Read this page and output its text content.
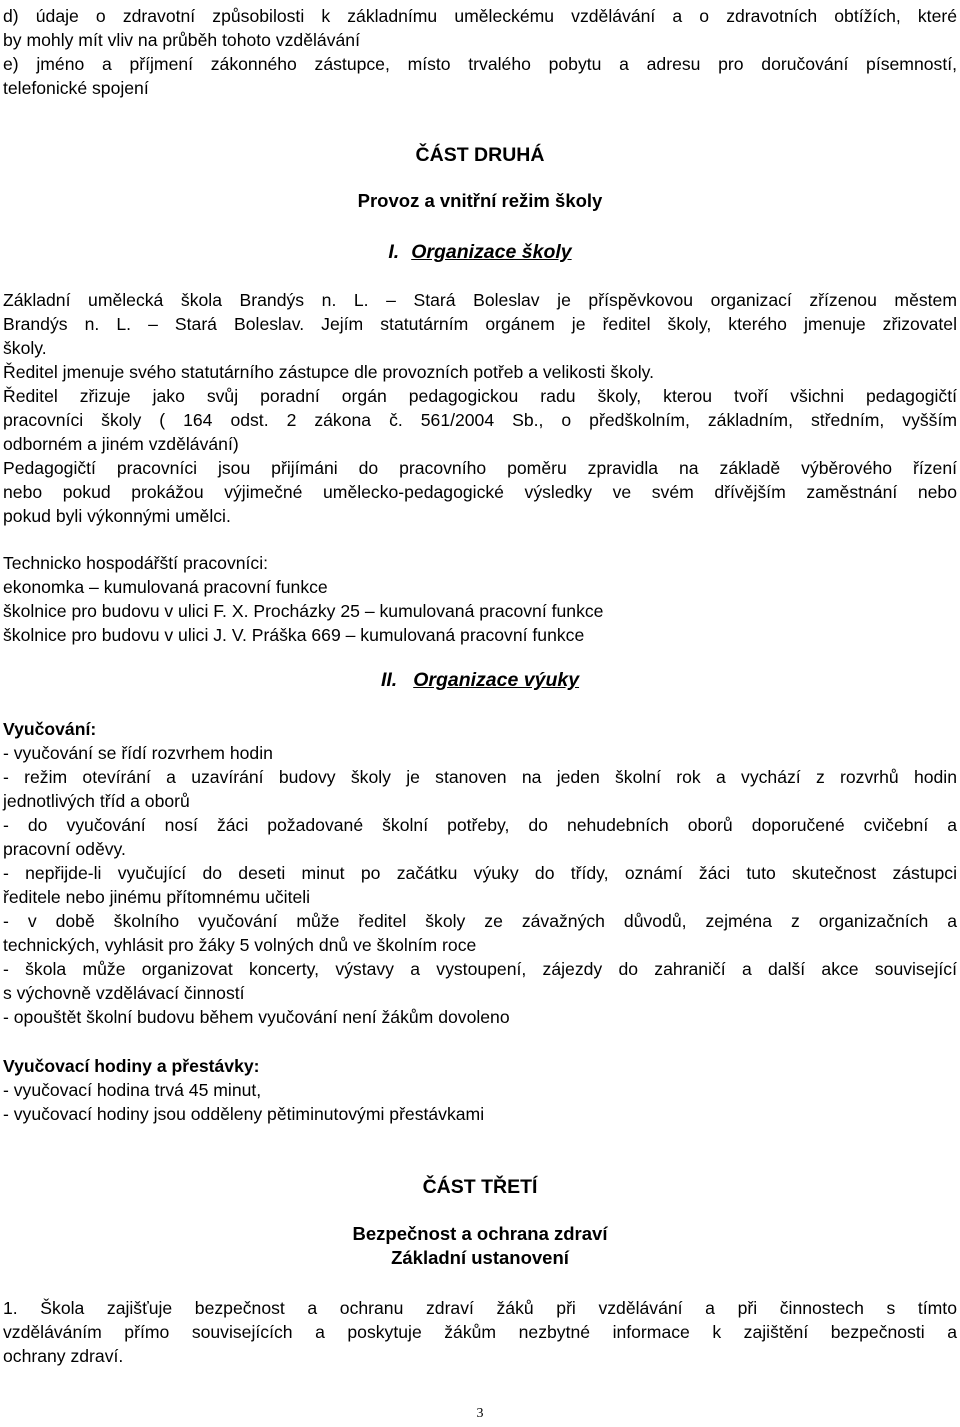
d) údaje o zdravotní způsobilosti k základnímu uměleckému vzdělávání a o zdravotních obtížích, které
by mohly mít vliv na průběh tohoto vzdělávání
e) jméno a příjmení zákonného zástupce, místo trvalého pobytu a adresu pro doručování písemností,
telefonické spojení
ČÁST DRUHÁ
Provoz a vnitřní režim školy
I. Organizace školy
Základní umělecká škola Brandýs n. L. – Stará Boleslav je příspěvkovou organizací zřízenou městem
Brandýs n. L. – Stará Boleslav. Jejím statutárním orgánem je ředitel školy, kterého jmenuje zřizovatel
školy.
Ředitel jmenuje svého statutárního zástupce dle provozních potřeb a velikosti školy.
Ředitel zřizuje jako svůj poradní orgán pedagogickou radu školy, kterou tvoří všichni pedagogičtí
pracovníci školy ( 164 odst. 2 zákona č. 561/2004 Sb., o předškolním, základním, středním, vyšším
odborném a jiném vzdělávání)
Pedagogičtí pracovníci jsou přijímáni do pracovního poměru zpravidla na základě výběrového řízení
nebo pokud prokážou výjimečné umělecko-pedagogické výsledky ve svém dřívějším zaměstnání nebo
pokud byli výkonnými umělci.
Technicko hospodářští pracovníci:
ekonomka – kumulovaná pracovní funkce
školnice pro budovu v ulici F. X. Procházky 25 – kumulovaná pracovní funkce
školnice pro budovu v ulici J. V. Práška 669 – kumulovaná pracovní funkce
II. Organizace výuky
Vyučování:
- vyučování se řídí rozvrhem hodin
- režim otevírání a uzavírání budovy školy je stanoven na jeden školní rok a vychází z rozvrhů hodin
jednotlivých tříd a oborů
- do vyučování nosí žáci požadované školní potřeby, do nehudebních oborů doporučené cvičební a
pracovní oděvy.
- nepřijde-li vyučující do deseti minut po začátku výuky do třídy, oznámí žáci tuto skutečnost zástupci
ředitele nebo jinému přítomnému učiteli
- v době školního vyučování může ředitel školy ze závažných důvodů, zejména z organizačních a
technických, vyhlásit pro žáky 5 volných dnů ve školním roce
- škola může organizovat koncerty, výstavy a vystoupení, zájezdy do zahraničí a další akce související
s výchovně vzdělávací činností
- opouštět školní budovu během vyučování není žákům dovoleno
Vyučovací hodiny a přestávky:
- vyučovací hodina trvá 45 minut,
- vyučovací hodiny jsou odděleny pětiminutovými přestávkami
ČÁST TŘETÍ
Bezpečnost a ochrana zdraví
Základní ustanovení
1. Škola zajišťuje bezpečnost a ochranu zdraví žáků při vzdělávání a při činnostech s tímto
vzděláváním přímo souvisejících a poskytuje žákům nezbytné informace k zajištění bezpečnosti a
ochrany zdraví.
3
